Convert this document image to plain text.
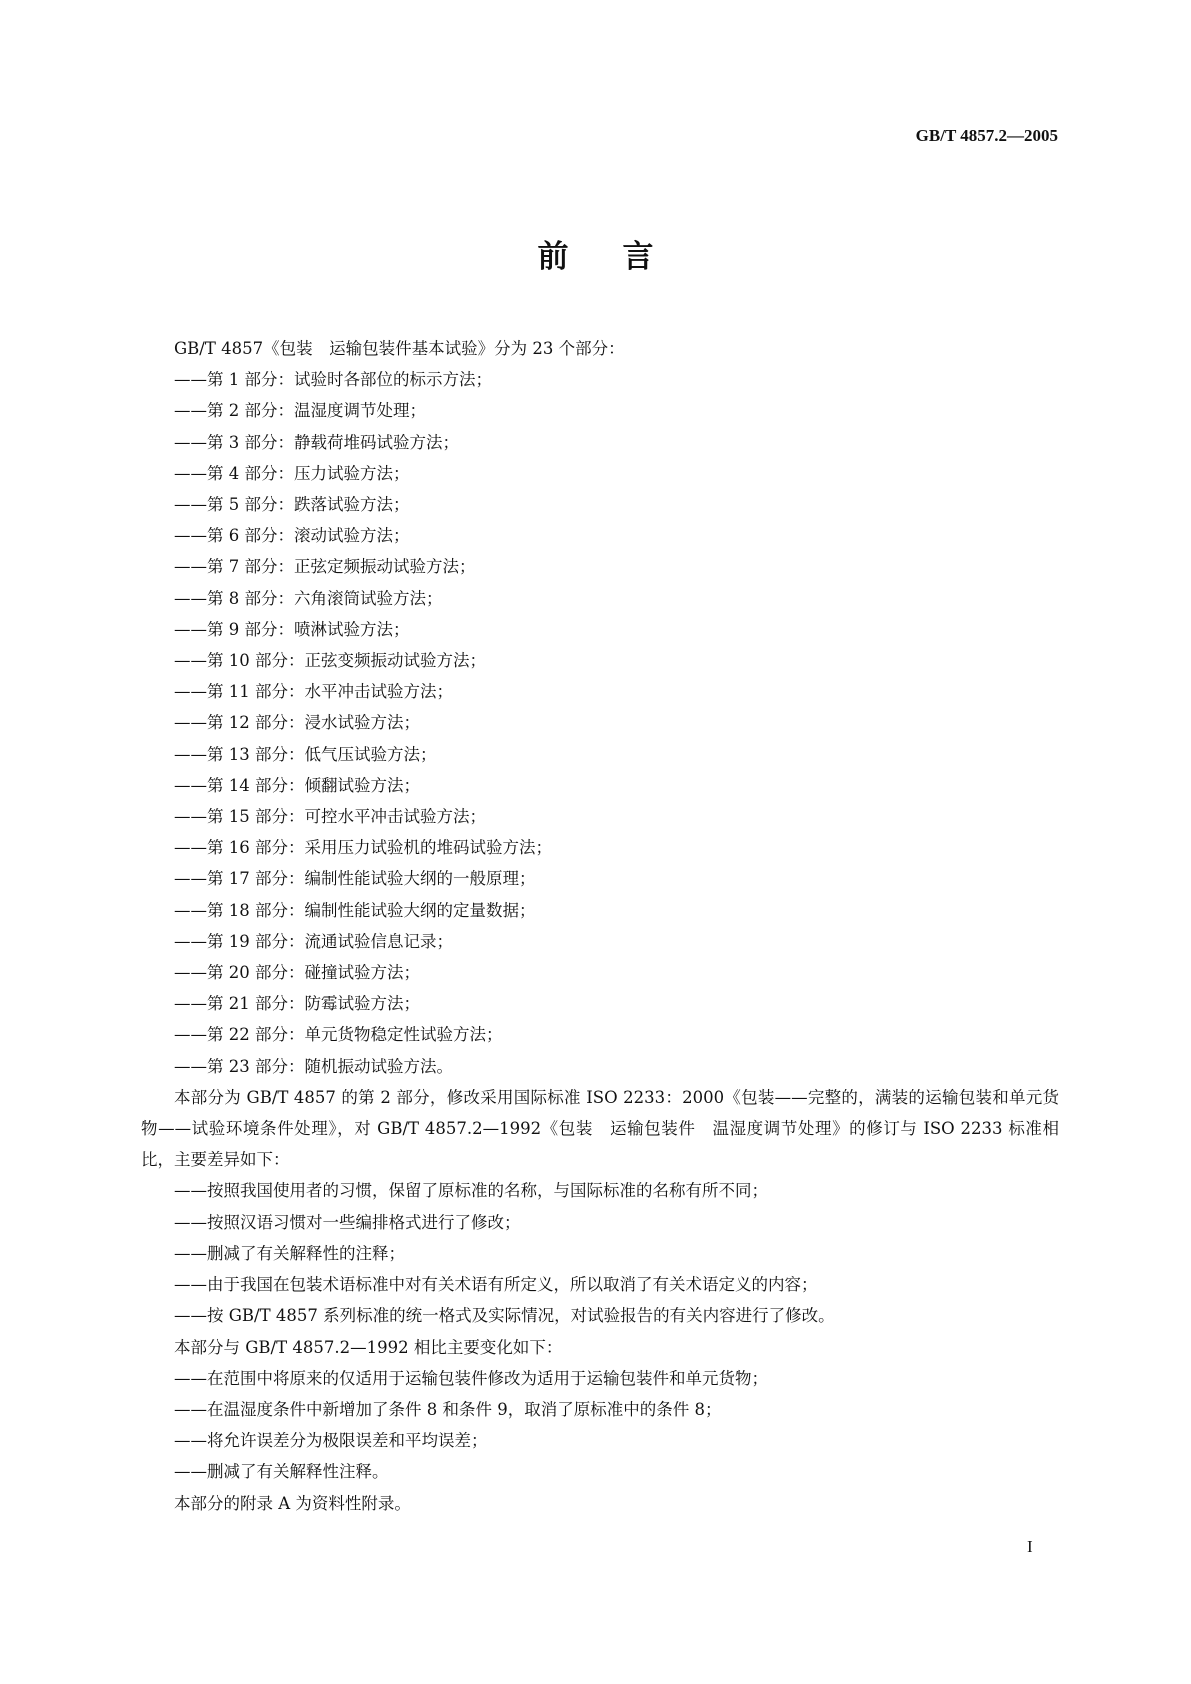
GB/T 4857.2—2005
前言

GB/T 4857《包装　运输包装件基本试验》分为 23 个部分：

——第 1 部分：试验时各部位的标示方法；

——第 2 部分：温湿度调节处理；

——第 3 部分：静载荷堆码试验方法；

——第 4 部分：压力试验方法；

——第 5 部分：跌落试验方法；

——第 6 部分：滚动试验方法；

——第 7 部分：正弦定频振动试验方法；

——第 8 部分：六角滚筒试验方法；

——第 9 部分：喷淋试验方法；

——第 10 部分：正弦变频振动试验方法；

——第 11 部分：水平冲击试验方法；

——第 12 部分：浸水试验方法；

——第 13 部分：低气压试验方法；

——第 14 部分：倾翻试验方法；

——第 15 部分：可控水平冲击试验方法；

——第 16 部分：采用压力试验机的堆码试验方法；

——第 17 部分：编制性能试验大纲的一般原理；

——第 18 部分：编制性能试验大纲的定量数据；

——第 19 部分：流通试验信息记录；

——第 20 部分：碰撞试验方法；

——第 21 部分：防霉试验方法；

——第 22 部分：单元货物稳定性试验方法；

——第 23 部分：随机振动试验方法。

本部分为 GB/T 4857 的第 2 部分，修改采用国际标准 ISO 2233：2000《包装——完整的，满装的运输包装和单元货物——试验环境条件处理》，对 GB/T 4857.2—1992《包装　运输包装件　温湿度调节处理》的修订与 ISO 2233 标准相比，主要差异如下：

——按照我国使用者的习惯，保留了原标准的名称，与国际标准的名称有所不同；

——按照汉语习惯对一些编排格式进行了修改；

——删减了有关解释性的注释；

——由于我国在包装术语标准中对有关术语有所定义，所以取消了有关术语定义的内容；

——按 GB/T 4857 系列标准的统一格式及实际情况，对试验报告的有关内容进行了修改。

本部分与 GB/T 4857.2—1992 相比主要变化如下：

——在范围中将原来的仅适用于运输包装件修改为适用于运输包装件和单元货物；

——在温湿度条件中新增加了条件 8 和条件 9，取消了原标准中的条件 8；

——将允许误差分为极限误差和平均误差；

——删减了有关解释性注释。

本部分的附录 A 为资料性附录。

I
